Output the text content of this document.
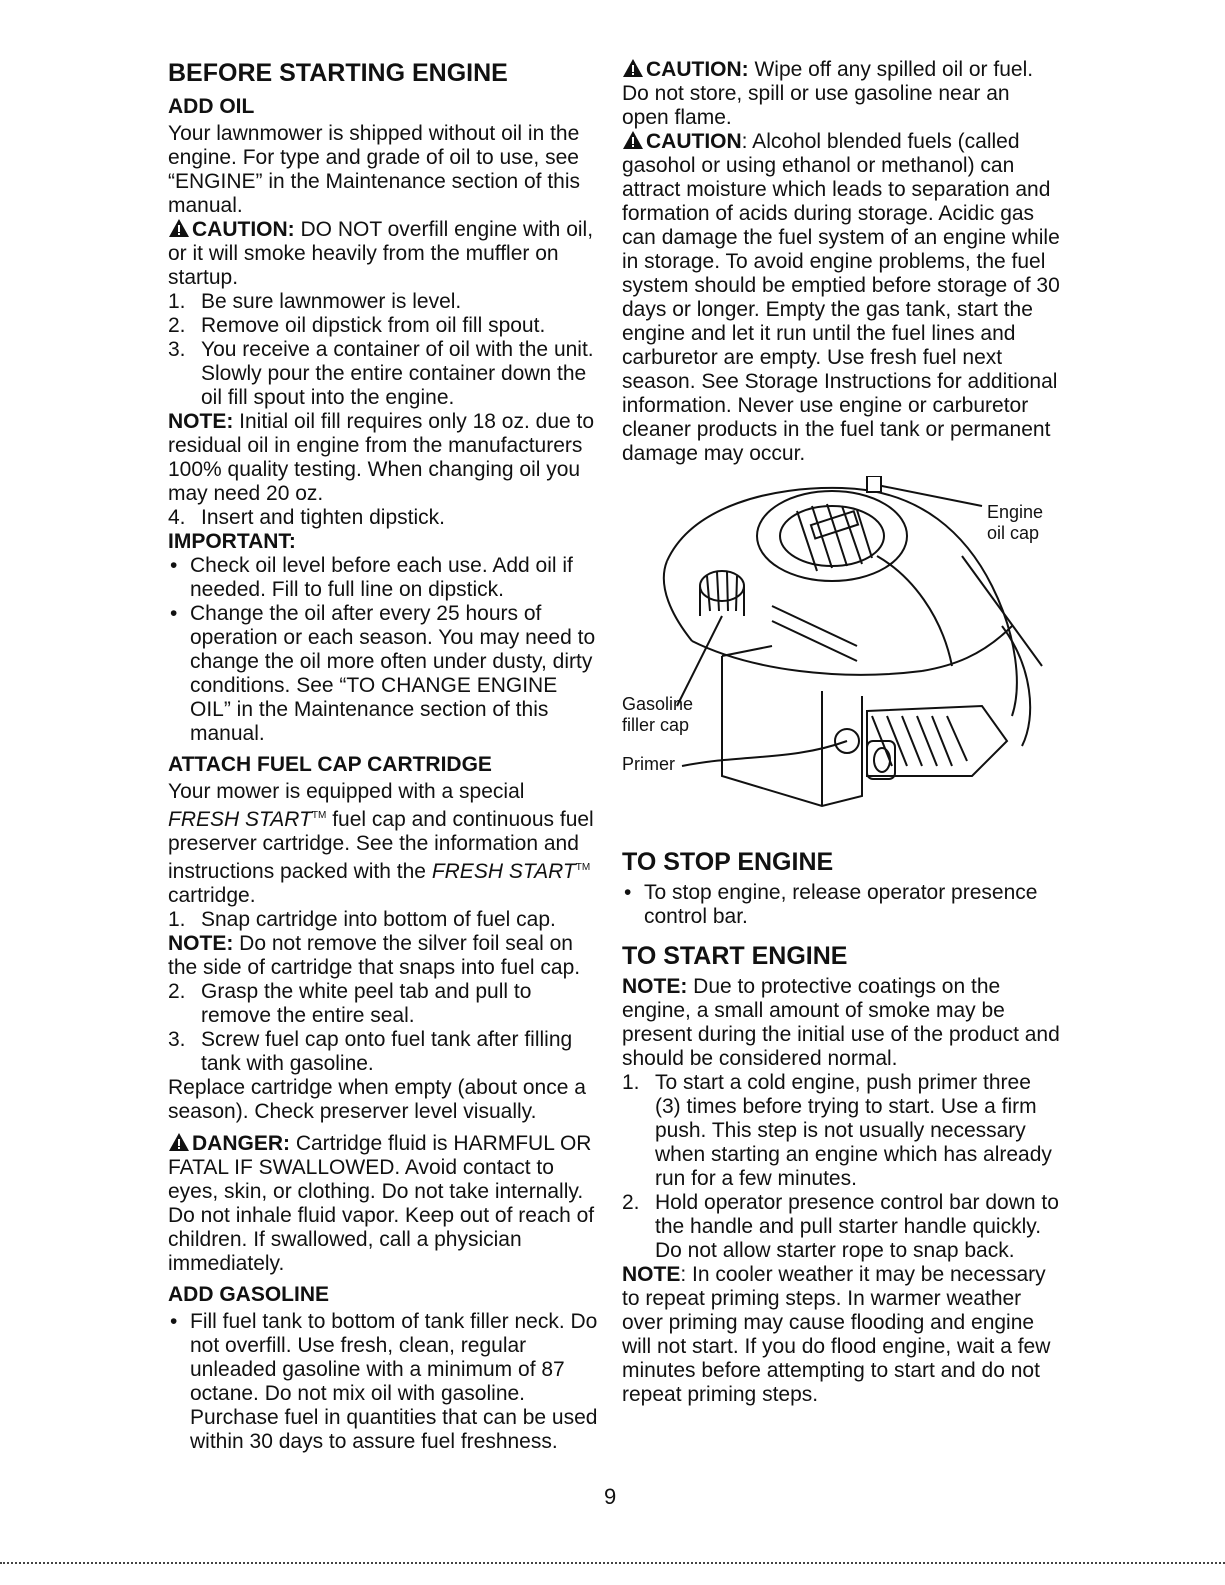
BEFORE STARTING ENGINE
ADD OIL

Your lawnmower is shipped without oil in the engine. For type and grade of oil to use, see “ENGINE” in the Maintenance section of this manual.

CAUTION: DO NOT overfill engine with oil, or it will smoke heavily from the muffler on startup.

1. Be sure lawnmower is level.
2. Remove oil dipstick from oil fill spout.
3. You receive a container of oil with the unit. Slowly pour the entire container down the oil fill spout into the engine.

NOTE: Initial oil fill requires only 18 oz. due to residual oil in engine from the manufacturers 100% quality testing. When changing oil you may need 20 oz.

4. Insert and tighten dipstick.

IMPORTANT:

• Check oil level before each use. Add oil if needed. Fill to full line on dipstick.
• Change the oil after every 25 hours of operation or each season. You may need to change the oil more often under dusty, dirty conditions. See “TO CHANGE ENGINE OIL” in the Maintenance section of this manual.
ATTACH FUEL CAP CARTRIDGE

Your mower is equipped with a special FRESH START™ fuel cap and continuous fuel preserver cartridge. See the information and instructions packed with the FRESH START™ cartridge.

1. Snap cartridge into bottom of fuel cap.

NOTE: Do not remove the silver foil seal on the side of cartridge that snaps into fuel cap.

2. Grasp the white peel tab and pull to remove the entire seal.
3. Screw fuel cap onto fuel tank after filling tank with gasoline.

Replace cartridge when empty (about once a season). Check preserver level visually.

DANGER: Cartridge fluid is HARMFUL OR FATAL IF SWALLOWED. Avoid contact to eyes, skin, or clothing. Do not take internally. Do not inhale fluid vapor. Keep out of reach of children. If swallowed, call a physician immediately.

ADD GASOLINE
• Fill fuel tank to bottom of tank filler neck. Do not overfill. Use fresh, clean, regular unleaded gasoline with a minimum of 87 octane. Do not mix oil with gasoline. Purchase fuel in quantities that can be used within 30 days to assure fuel freshness.

CAUTION: Wipe off any spilled oil or fuel. Do not store, spill or use gasoline near an open flame.

CAUTION: Alcohol blended fuels (called gasohol or using ethanol or methanol) can attract moisture which leads to separation and formation of acids during storage. Acidic gas can damage the fuel system of an engine while in storage. To avoid engine problems, the fuel system should be emptied before storage of 30 days or longer. Empty the gas tank, start the engine and let it run until the fuel lines and carburetor are empty. Use fresh fuel next season. See Storage Instructions for additional information. Never use engine or carburetor cleaner products in the fuel tank or permanent damage may occur.

Engine oil cap
Gasoline filler cap
Primer
TO STOP ENGINE
• To stop engine, release operator presence control bar.
TO START ENGINE

NOTE: Due to protective coatings on the engine, a small amount of smoke may be present during the initial use of the product and should be considered normal.

1. To start a cold engine, push primer three (3) times before trying to start. Use a firm push. This step is not usually necessary when starting an engine which has already run for a few minutes.
2. Hold operator presence control bar down to the handle and pull starter handle quickly. Do not allow starter rope to snap back.

NOTE: In cooler weather it may be necessary to repeat priming steps. In warmer weather over priming may cause flooding and engine will not start. If you do flood engine, wait a few minutes before attempting to start and do not repeat priming steps.

9
